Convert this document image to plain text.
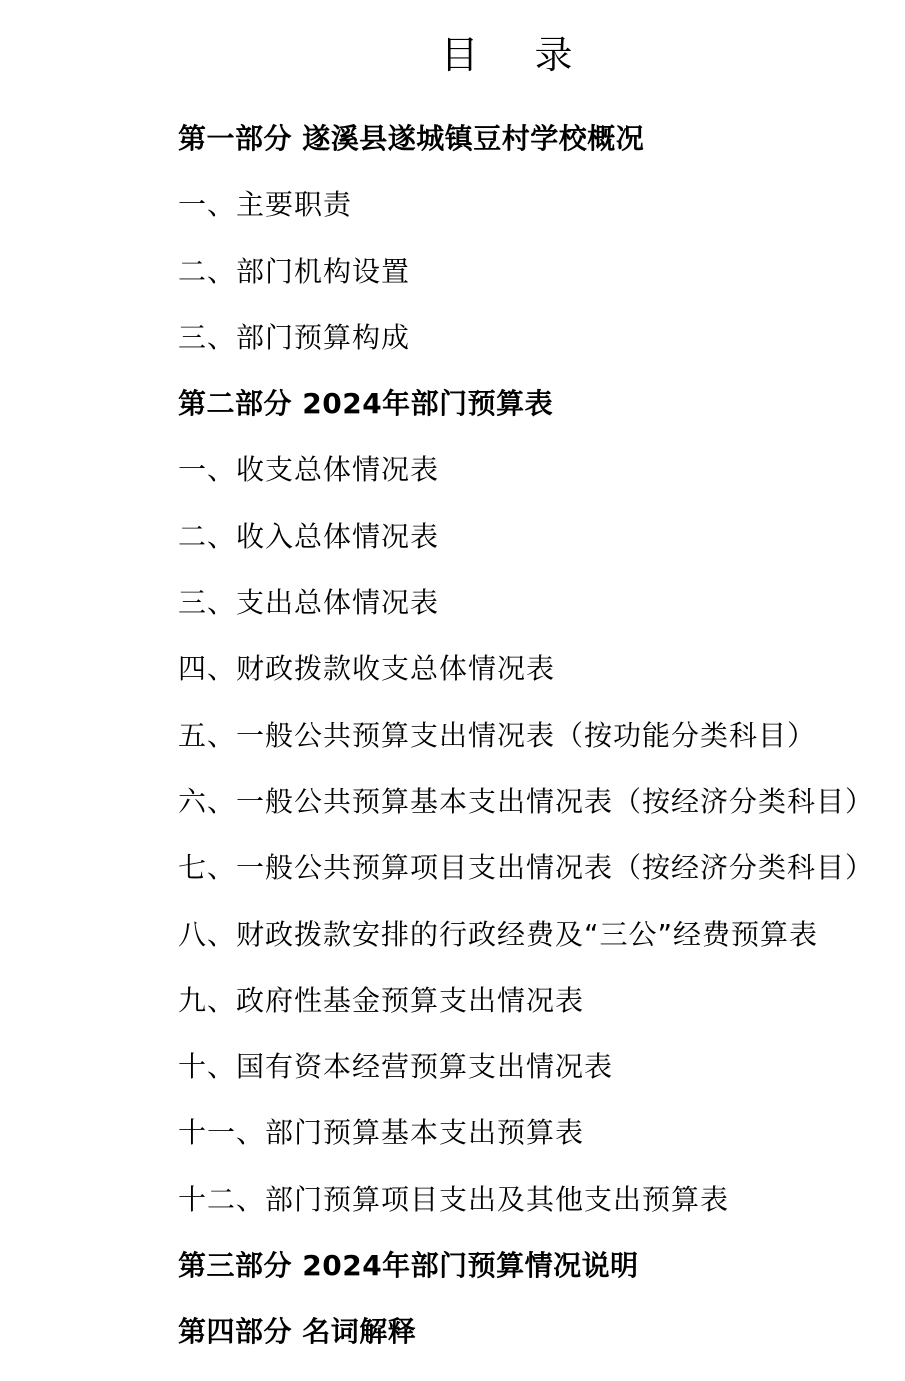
目 录
第一部分 遂溪县遂城镇豆村学校概况
一、主要职责
二、部门机构设置
三、部门预算构成
第二部分 2024年部门预算表
一、收支总体情况表
二、收入总体情况表
三、支出总体情况表
四、财政拨款收支总体情况表
五、一般公共预算支出情况表（按功能分类科目）
六、一般公共预算基本支出情况表（按经济分类科目）
七、一般公共预算项目支出情况表（按经济分类科目）
八、财政拨款安排的行政经费及“三公”经费预算表
九、政府性基金预算支出情况表
十、国有资本经营预算支出情况表
十一、部门预算基本支出预算表
十二、部门预算项目支出及其他支出预算表
第三部分 2024年部门预算情况说明
第四部分 名词解释
